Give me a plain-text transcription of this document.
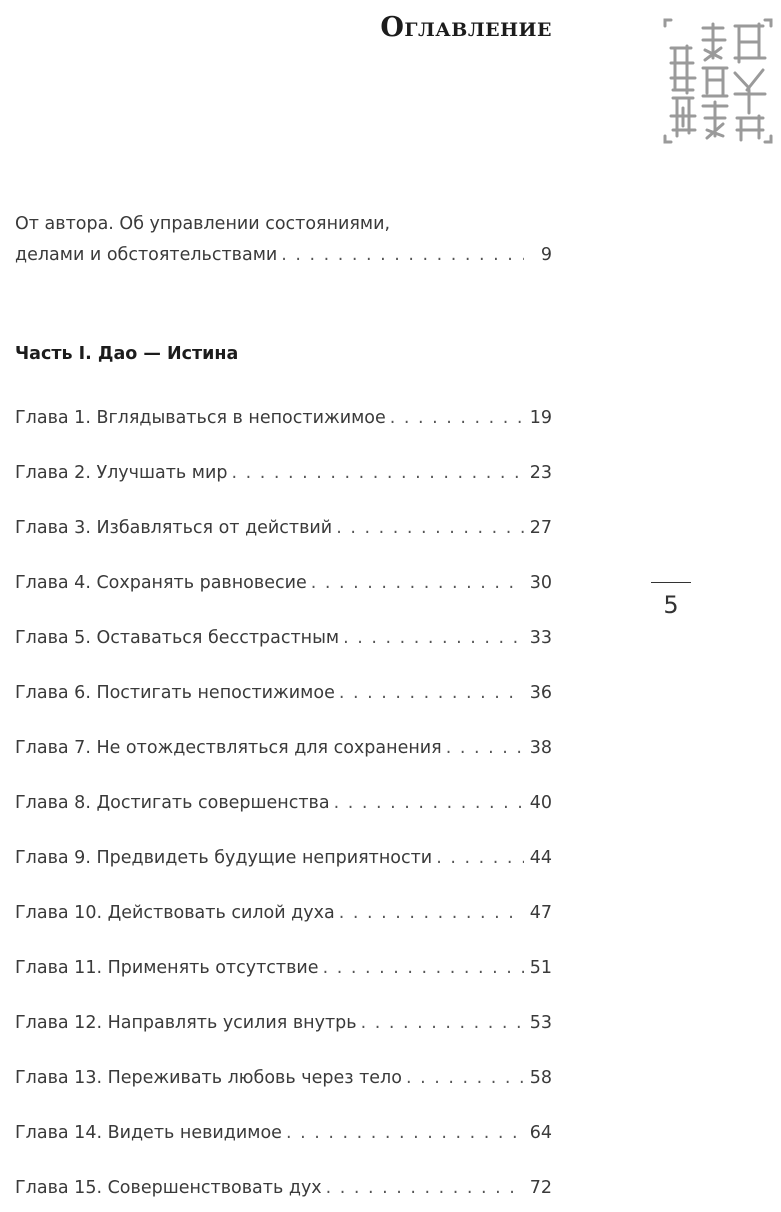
Оглавление
5
От автора. Об управлении состояниями,
делами и обстоятельствами . . .	9
Часть I. Дао — Истина
Глава 1. Вглядываться в непостижимое . . .	19
Глава 2. Улучшать мир . . .	23
Глава 3. Избавляться от действий . . .	27
Глава 4. Сохранять равновесие . . .	30
Глава 5. Оставаться бесстрастным . . .	33
Глава 6. Постигать непостижимое . . .	36
Глава 7. Не отождествляться для сохранения . . .	38
Глава 8. Достигать совершенства . . .	40
Глава 9. Предвидеть будущие неприятности . . .	44
Глава 10. Действовать силой духа . . .	47
Глава 11. Применять отсутствие . . .	51
Глава 12. Направлять усилия внутрь . . .	53
Глава 13. Переживать любовь через тело . . .	58
Глава 14. Видеть невидимое . . .	64
Глава 15. Совершенствовать дух . . .	72
